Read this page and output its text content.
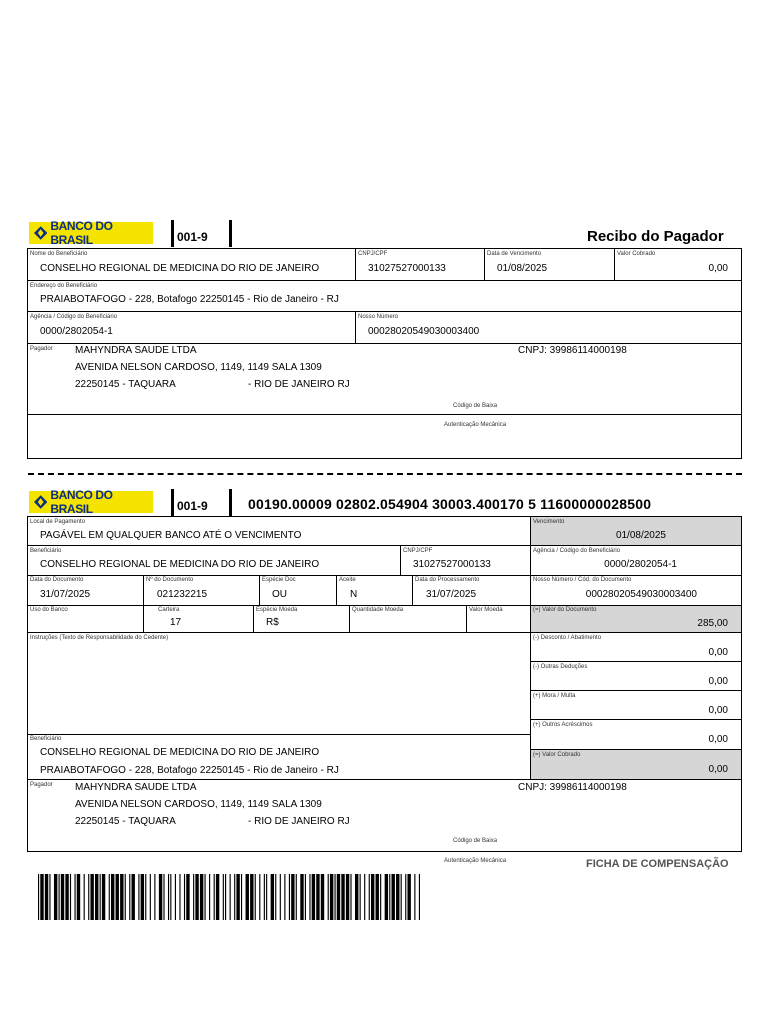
BANCO DO BRASIL	001-9	Recibo do Pagador
Nome do Beneficiário
CONSELHO REGIONAL DE MEDICINA DO RIO DE JANEIRO
CNPJ/CPF
31027527000133
Data de Vencimento
01/08/2025
Valor Cobrado
0,00
Endereço do Beneficiário
PRAIABOTAFOGO - 228, Botafogo 22250145 - Rio de Janeiro - RJ
Agência / Código do Beneficiário
0000/2802054-1
Nosso Número
00028020549030003400
Pagador MAHYNDRA SAUDE LTDA	CNPJ: 39986114000198
AVENIDA NELSON CARDOSO, 1149, 1149 SALA 1309
22250145 - TAQUARA	- RIO DE JANEIRO RJ
Código de Baixa
Autenticação Mecânica
BANCO DO BRASIL	001-9	00190.00009 02802.054904 30003.400170 5 11600000028500
Local de Pagamento
PAGÁVEL EM QUALQUER BANCO ATÉ O VENCIMENTO
Vencimento
01/08/2025
Beneficiário
CONSELHO REGIONAL DE MEDICINA DO RIO DE JANEIRO
CNPJ/CPF
31027527000133
Agência / Código do Beneficiário
0000/2802054-1
Data do Documento
31/07/2025
Nº do Documento
021232215
Espécie Doc
OU
Aceite
N
Data do Processamento
31/07/2025
Nosso Número / Cód. do Documento
00028020549030003400
Uso do Banco	Carteira
17
Espécie Moeda
R$
Quantidade Moeda	Valor Moeda	(=) Valor do Documento
285,00
Instruções (Texto de Responsabilidade do Cedente)	(-) Desconto / Abatimento
0,00
(-) Outras Deduções
0,00
(+) Mora / Multa
0,00
(+) Outros Acréscimos
0,00
(=) Valor Cobrado
0,00
Beneficiário
CONSELHO REGIONAL DE MEDICINA DO RIO DE JANEIRO
PRAIABOTAFOGO - 228, Botafogo 22250145 - Rio de Janeiro - RJ
Pagador MAHYNDRA SAUDE LTDA	CNPJ: 39986114000198
AVENIDA NELSON CARDOSO, 1149, 1149 SALA 1309
22250145 - TAQUARA	- RIO DE JANEIRO RJ
Código de Baixa
Autenticação Mecânica	FICHA DE COMPENSAÇÃO
